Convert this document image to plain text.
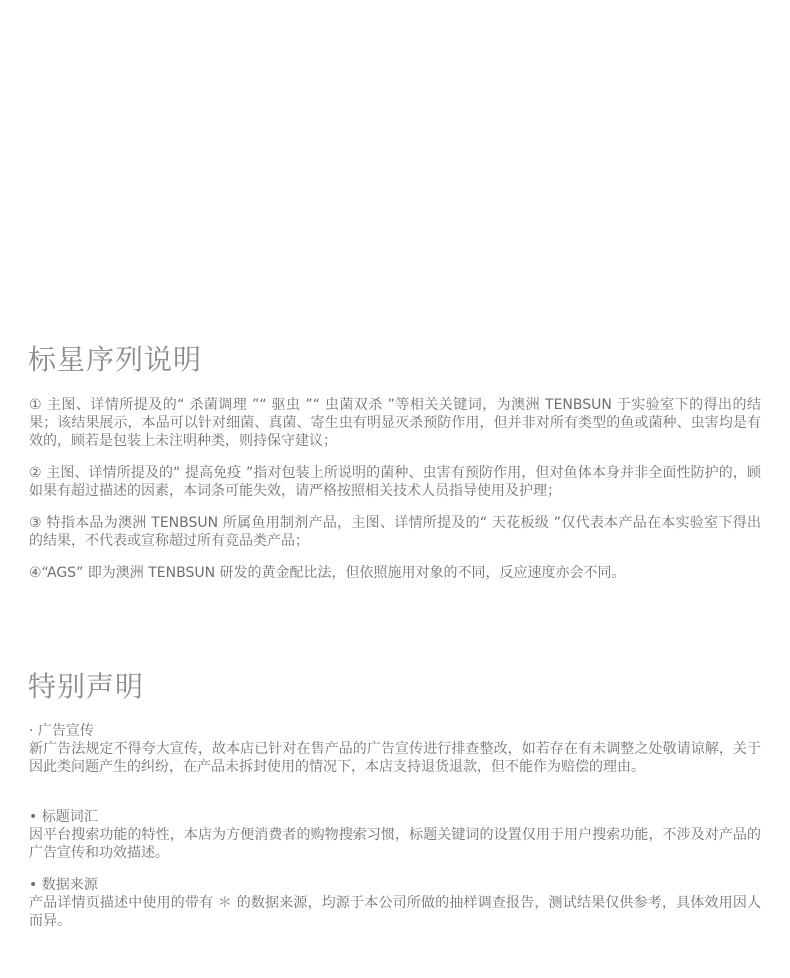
标星序列说明

① 主图、详情所提及的“ 杀菌调理 ”“ 驱虫 ”“ 虫菌双杀 ”等相关关键词，为澳洲 TENBSUN 于实验室下的得出的结果；该结果展示，本品可以针对细菌、真菌、寄生虫有明显灭杀预防作用，但并非对所有类型的鱼或菌种、虫害均是有效的，顾若是包装上未注明种类，则持保守建议；

② 主图、详情所提及的“ 提高免疫 ”指对包装上所说明的菌种、虫害有预防作用，但对鱼体本身并非全面性防护的，顾如果有超过描述的因素，本词条可能失效，请严格按照相关技术人员指导使用及护理；

③ 特指本品为澳洲 TENBSUN 所属鱼用制剂产品，主图、详情所提及的“ 天花板级 ”仅代表本产品在本实验室下得出的结果，不代表或宣称超过所有竞品类产品；

④“AGS” 即为澳洲 TENBSUN 研发的黄金配比法，但依照施用对象的不同，反应速度亦会不同。

特别声明
· 广告宣传
新广告法规定不得夸大宣传，故本店已针对在售产品的广告宣传进行排查整改，如若存在有未调整之处敬请谅解，关于因此类问题产生的纠纷，在产品未拆封使用的情况下，本店支持退货退款，但不能作为赔偿的理由。
• 标题词汇
因平台搜索功能的特性，本店为方便消费者的购物搜索习惯，标题关键词的设置仅用于用户搜索功能，不涉及对产品的广告宣传和功效描述。
• 数据来源
产品详情页描述中使用的带有 ＊ 的数据来源，均源于本公司所做的抽样调查报告，测试结果仅供参考，具体效用因人而异。
